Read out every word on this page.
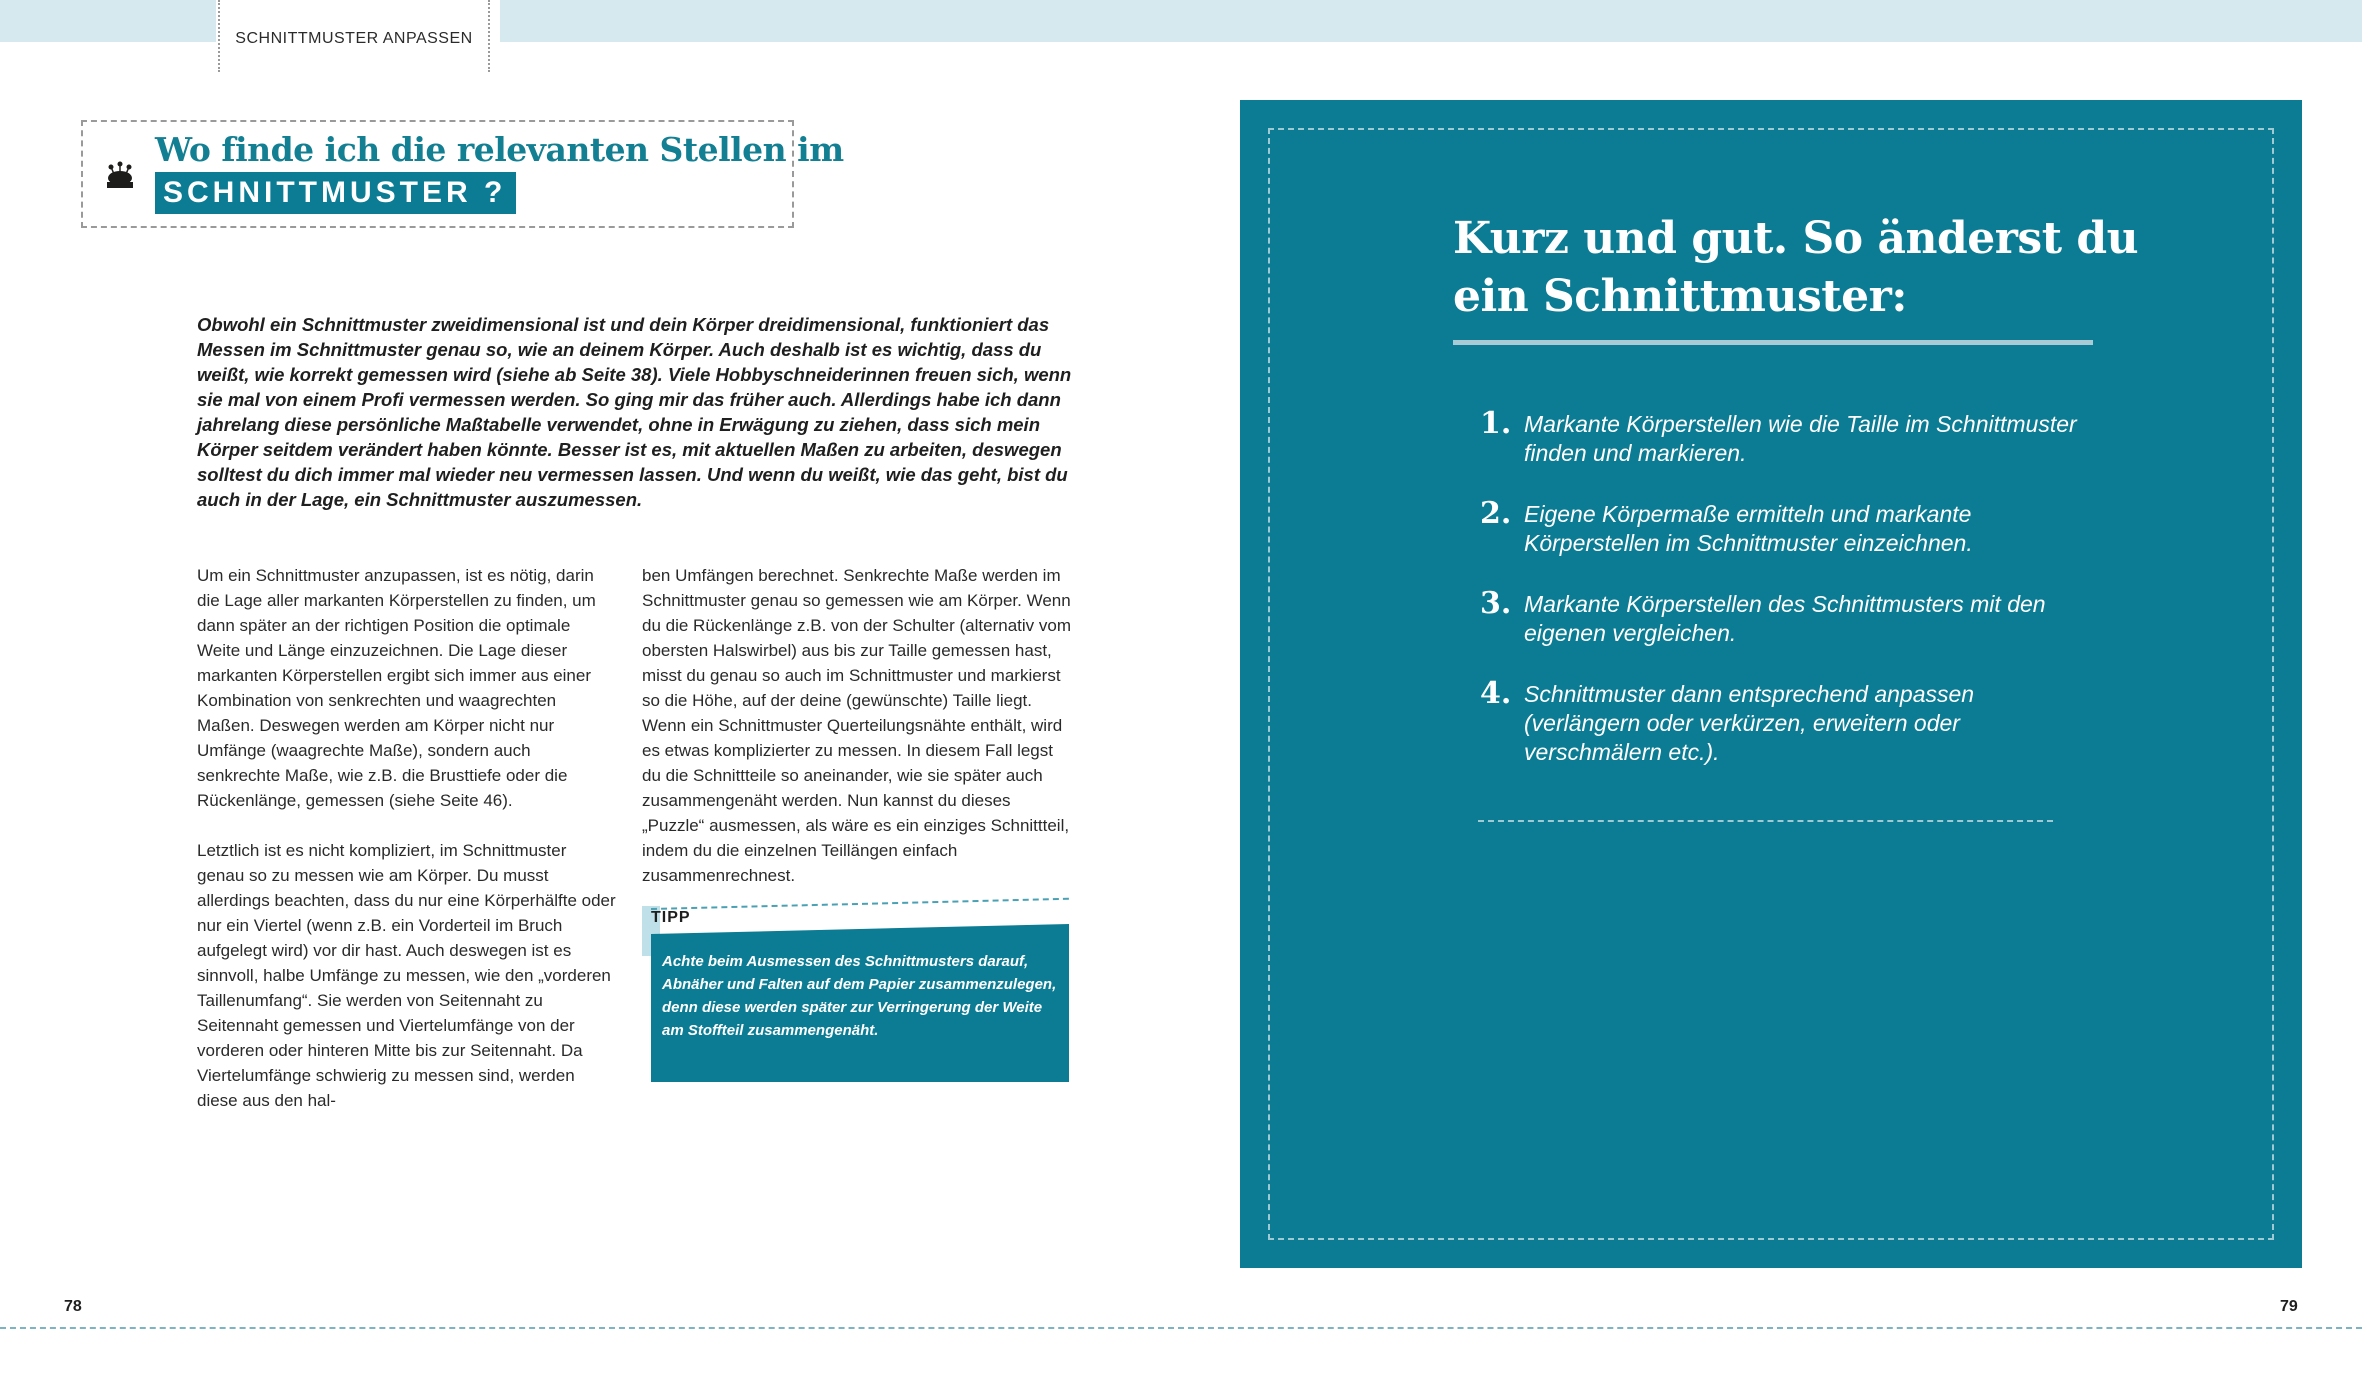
SCHNITTMUSTER ANPASSEN
Wo finde ich die relevanten Stellen im
SCHNITTMUSTER ?
Obwohl ein Schnittmuster zweidimensional ist und dein Körper dreidimensional, funktioniert das Messen im Schnittmuster genau so, wie an deinem Körper. Auch deshalb ist es wichtig, dass du weißt, wie korrekt gemessen wird (siehe ab Seite 38). Viele Hobbyschneiderinnen freuen sich, wenn sie mal von einem Profi vermessen werden. So ging mir das früher auch. Allerdings habe ich dann jahrelang diese persönliche Maßtabelle verwendet, ohne in Erwägung zu ziehen, dass sich mein Körper seitdem verändert haben könnte. Besser ist es, mit aktuellen Maßen zu arbeiten, deswegen solltest du dich immer mal wieder neu vermessen lassen. Und wenn du weißt, wie das geht, bist du auch in der Lage, ein Schnittmuster auszumessen.

Um ein Schnittmuster anzupassen, ist es nötig, darin die Lage aller markanten Körperstellen zu finden, um dann später an der richtigen Position die optimale Weite und Länge einzuzeichnen. Die Lage dieser markanten Körperstellen ergibt sich immer aus einer Kombination von senkrechten und waagrechten Maßen. Deswegen werden am Körper nicht nur Umfänge (waagrechte Maße), sondern auch senkrechte Maße, wie z.B. die Brusttiefe oder die Rückenlänge, gemessen (siehe Seite 46).

Letztlich ist es nicht kompliziert, im Schnittmuster genau so zu messen wie am Körper. Du musst allerdings beachten, dass du nur eine Körperhälfte oder nur ein Viertel (wenn z.B. ein Vorderteil im Bruch aufgelegt wird) vor dir hast. Auch deswegen ist es sinnvoll, halbe Umfänge zu messen, wie den „vorderen Taillenumfang“. Sie werden von Seitennaht zu Seitennaht gemessen und Viertelumfänge von der vorderen oder hinteren Mitte bis zur Seitennaht. Da Viertelumfänge schwierig zu messen sind, werden diese aus den hal-

ben Umfängen berechnet. Senkrechte Maße werden im Schnittmuster genau so gemessen wie am Körper. Wenn du die Rückenlänge z.B. von der Schulter (alternativ vom obersten Halswirbel) aus bis zur Taille gemessen hast, misst du genau so auch im Schnittmuster und markierst so die Höhe, auf der deine (gewünschte) Taille liegt. Wenn ein Schnittmuster Querteilungsnähte enthält, wird es etwas komplizierter zu messen. In diesem Fall legst du die Schnittteile so aneinander, wie sie später auch zusammengenäht werden. Nun kannst du dieses „Puzzle“ ausmessen, als wäre es ein einziges Schnittteil, indem du die einzelnen Teillängen einfach zusammenrechnest.

TIPP
Achte beim Ausmessen des Schnittmusters darauf, Abnäher und Falten auf dem Papier zusammenzulegen, denn diese werden später zur Verringerung der Weite am Stoffteil zusammengenäht.
Kurz und gut. So änderst du ein Schnittmuster:
1. Markante Körperstellen wie die Taille im Schnittmuster finden und markieren.
2. Eigene Körpermaße ermitteln und markante Körperstellen im Schnittmuster einzeichnen.
3. Markante Körperstellen des Schnittmusters mit den eigenen vergleichen.
4. Schnittmuster dann entsprechend anpassen (verlängern oder verkürzen, erweitern oder verschmälern etc.).
78	79
